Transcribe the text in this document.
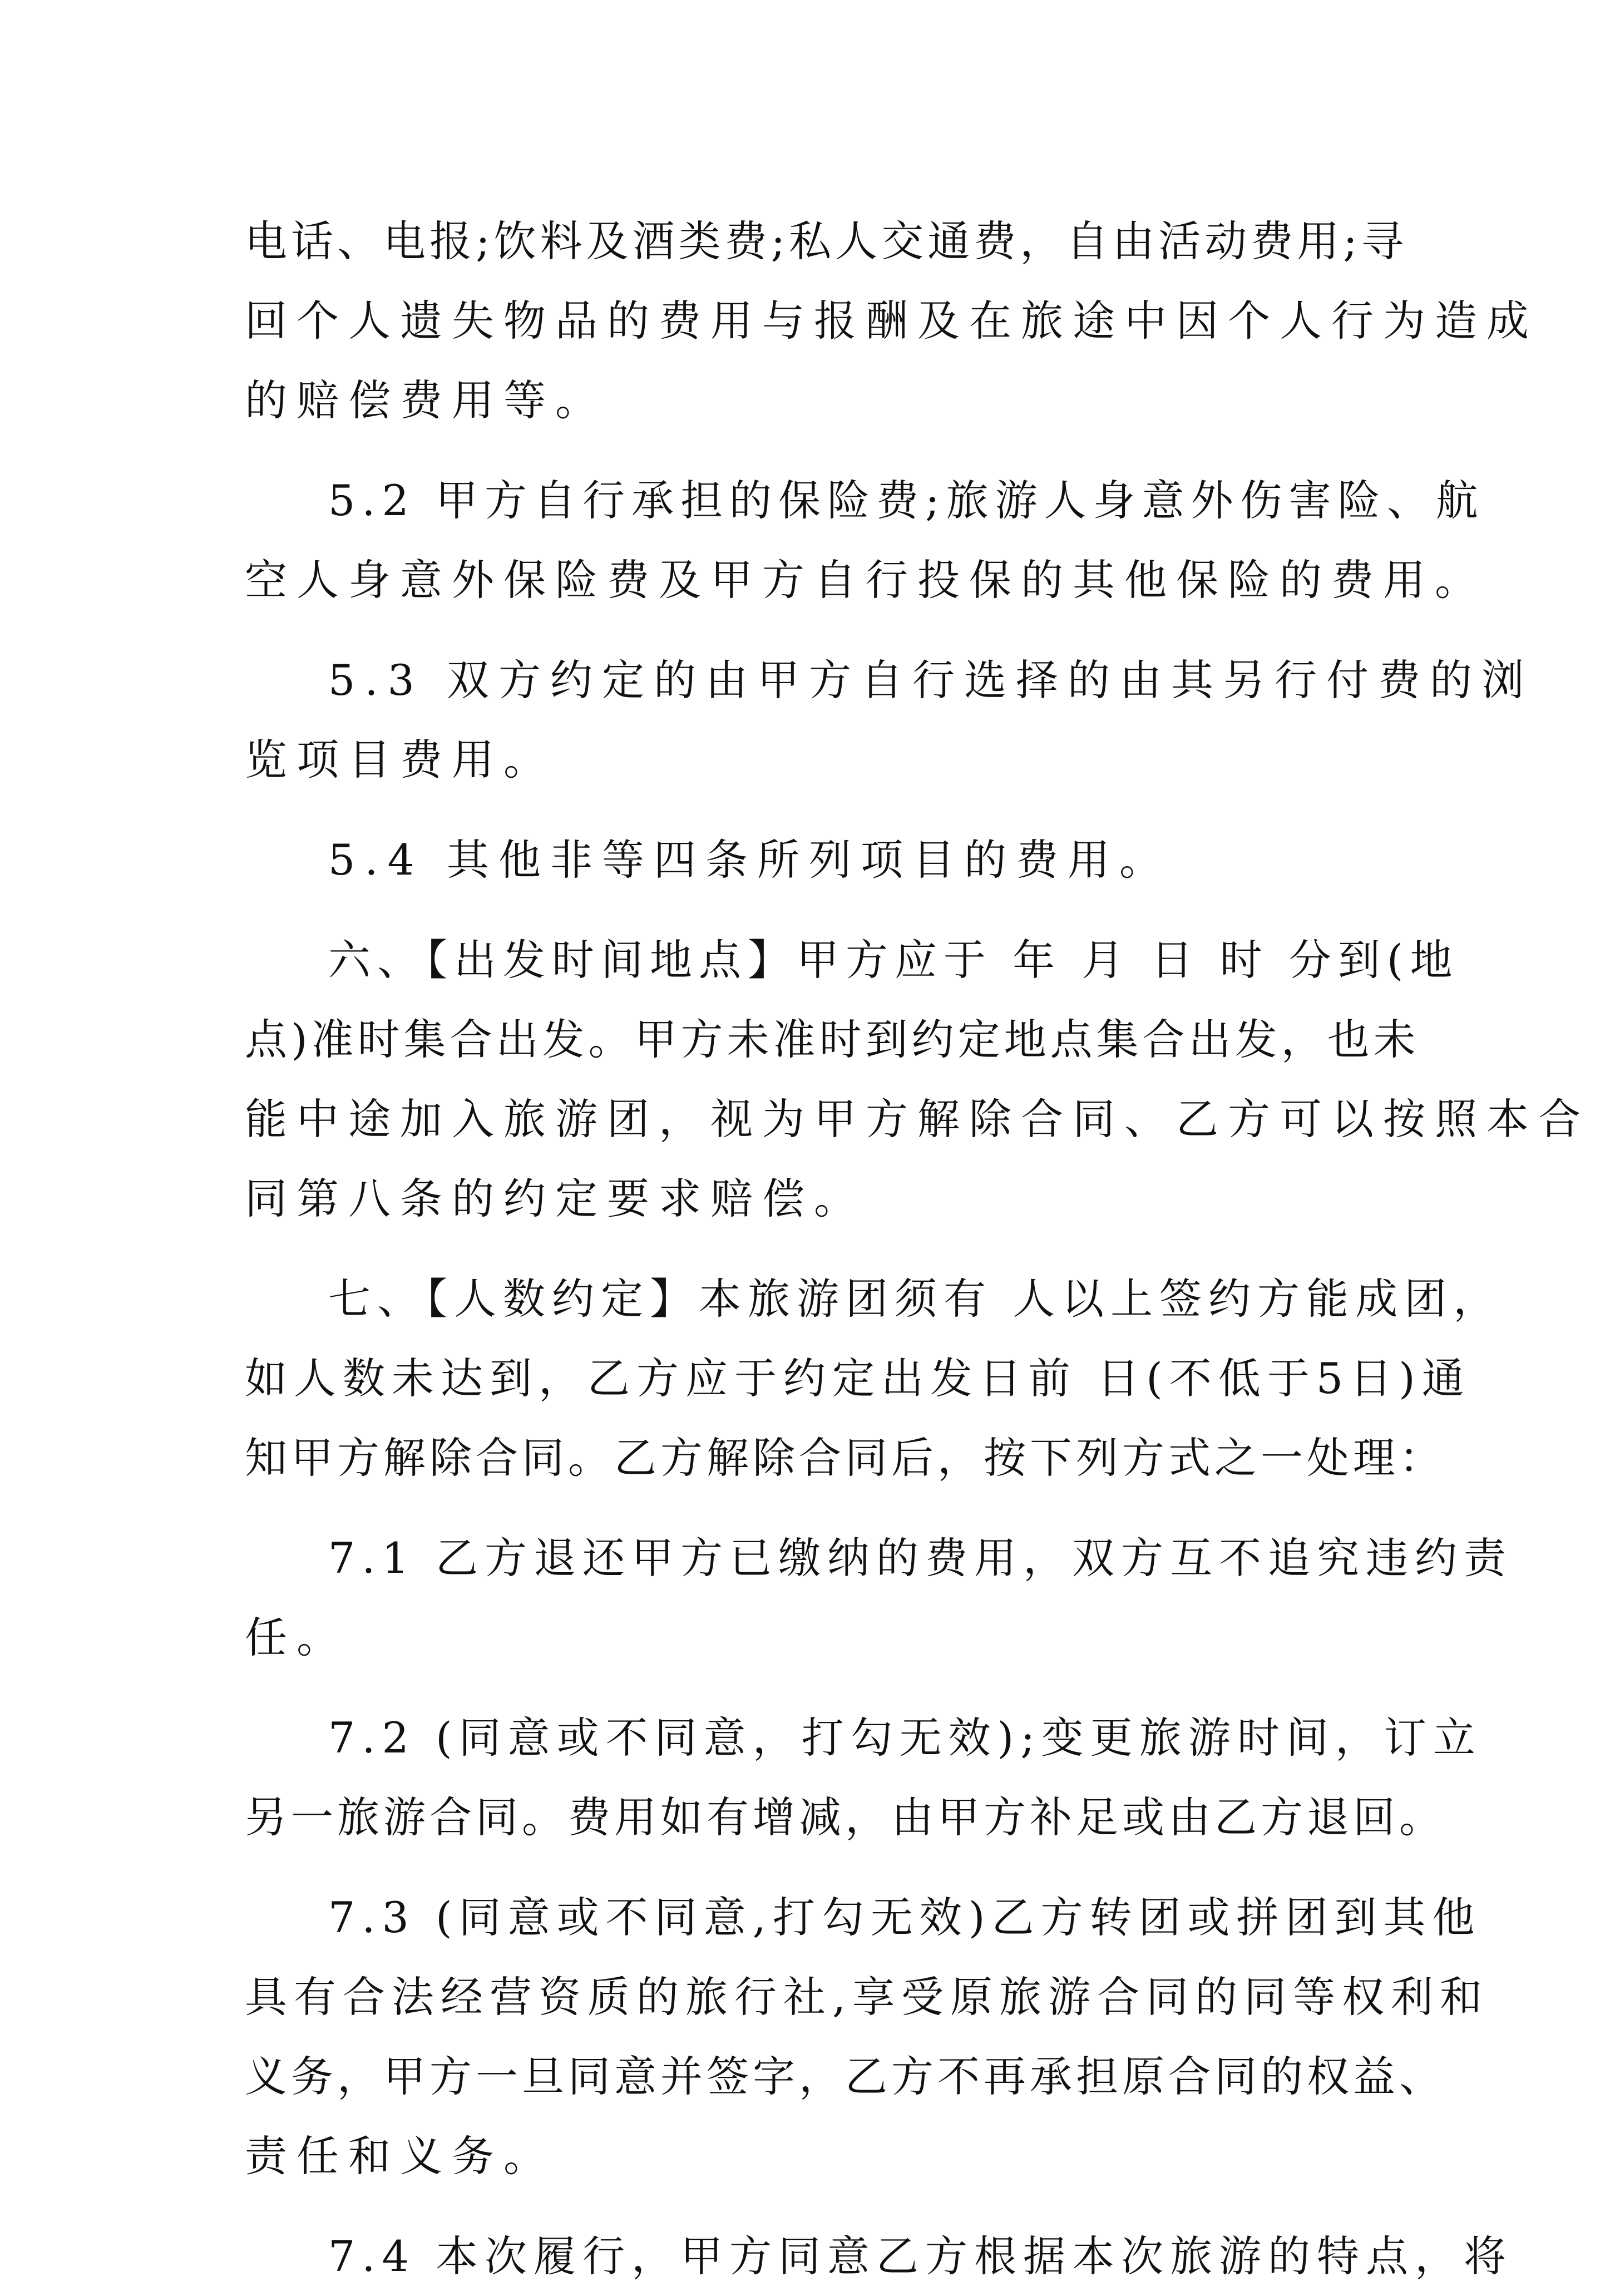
电话、电报;饮料及酒类费;私人交通费，自由活动费用;寻
回个人遗失物品的费用与报酬及在旅途中因个人行为造成
的赔偿费用等。
5.2 甲方自行承担的保险费;旅游人身意外伤害险、航
空人身意外保险费及甲方自行投保的其他保险的费用。
5.3 双方约定的由甲方自行选择的由其另行付费的浏
览项目费用。
5.4 其他非等四条所列项目的费用。
六、【出发时间地点】甲方应于 年 月 日 时 分到(地
点)准时集合出发。甲方未准时到约定地点集合出发，也未
能中途加入旅游团，视为甲方解除合同、乙方可以按照本合
同第八条的约定要求赔偿。
七、【人数约定】本旅游团须有 人以上签约方能成团，
如人数未达到，乙方应于约定出发日前 日(不低于5日)通
知甲方解除合同。乙方解除合同后，按下列方式之一处理：
7.1 乙方退还甲方已缴纳的费用，双方互不追究违约责
任。
7.2 (同意或不同意，打勾无效);变更旅游时间，订立
另一旅游合同。费用如有增减，由甲方补足或由乙方退回。
7.3 (同意或不同意,打勾无效)乙方转团或拼团到其他
具有合法经营资质的旅行社,享受原旅游合同的同等权利和
义务，甲方一旦同意并签字，乙方不再承担原合同的权益、
责任和义务。
7.4 本次履行，甲方同意乙方根据本次旅游的特点，将
